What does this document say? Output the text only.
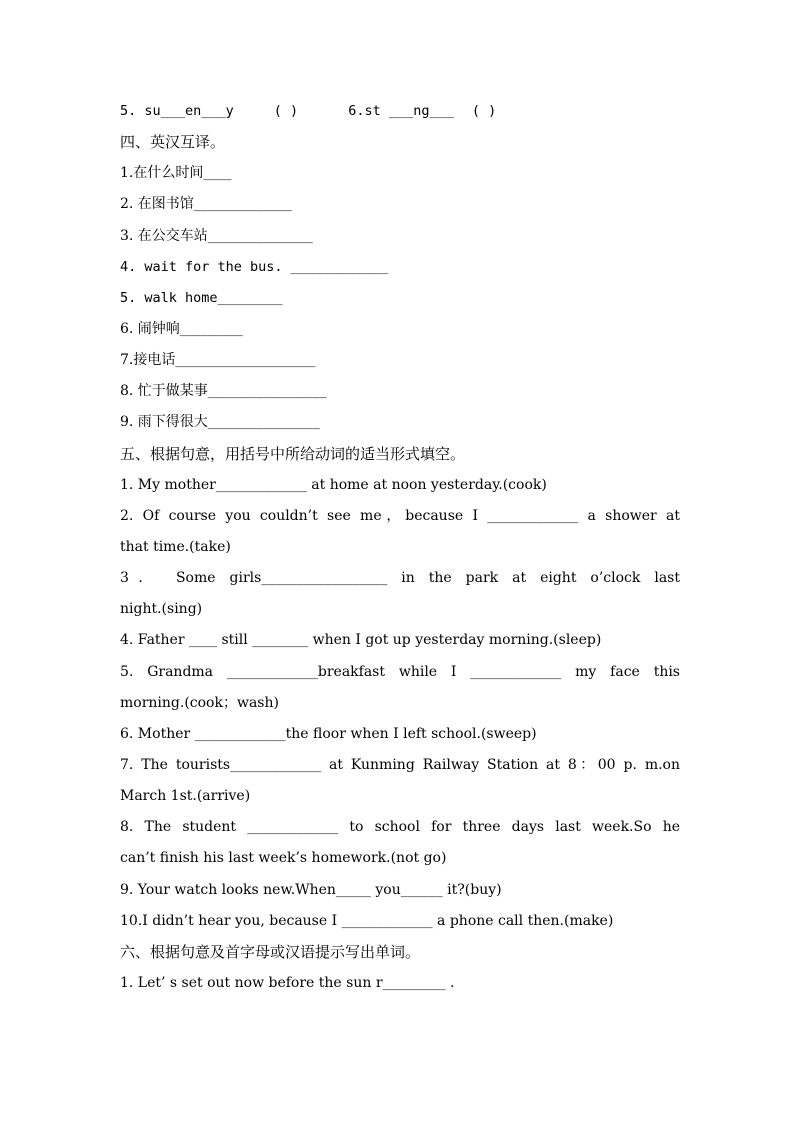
5. su___en___y	( )	6.st ___ng___ ( )
四、英汉互译。
1.在什么时间____
2. 在图书馆______________
3. 在公交车站_______________
4. wait for the bus. ____________
5. walk home________
6. 闹钟响_________
7.接电话____________________
8. 忙于做某事_________________
9. 雨下得很大________________
五、根据句意，用括号中所给动词的适当形式填空。
1. My mother_____________ at home at noon yesterday.(cook)
2. Of course you couldn’t see me，because I _____________ a shower at
that time.(take)
3． Some girls__________________ in the park at eight o’clock last
night.(sing)
4. Father ____ still ________ when I got up yesterday morning.(sleep)
5. Grandma _____________breakfast while I _____________ my face this
morning.(cook；wash)
6. Mother _____________the floor when I left school.(sweep)
7. The tourists_____________ at Kunming Railway Station at 8：00 p. m.on
March 1st.(arrive)
8. The student _____________ to school for three days last week.So he
can’t finish his last week’s homework.(not go)
9. Your watch looks new.When_____ you______ it?(buy)
10.I didn’t hear you, because I _____________ a phone call then.(make)
六、根据句意及首字母或汉语提示写出单词。
1. Let’ s set out now before the sun r_________ .
